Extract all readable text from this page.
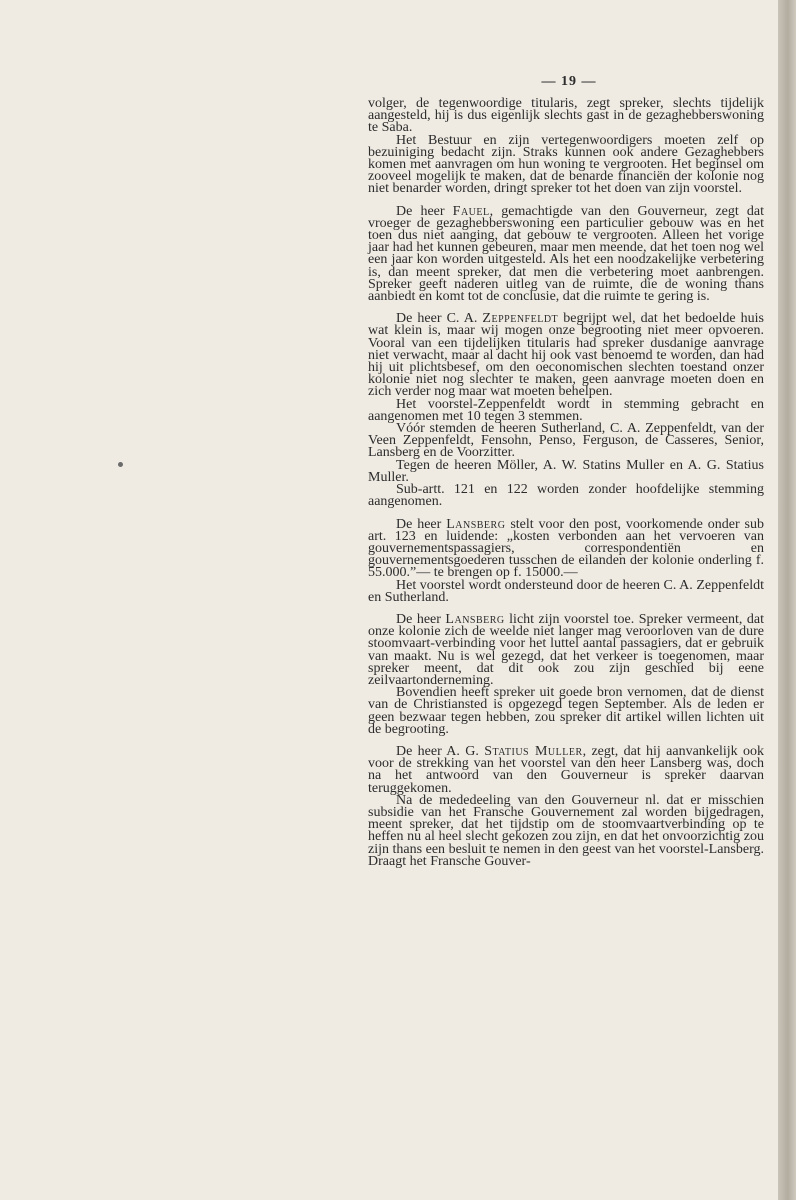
— 19 —

volger, de tegenwoordige titularis, zegt spreker, slechts tijdelijk aangesteld, hij is dus eigenlijk slechts gast in de gezaghebberswoning te Saba.

Het Bestuur en zijn vertegenwoordigers moeten zelf op bezuiniging bedacht zijn. Straks kunnen ook andere Gezaghebbers komen met aanvragen om hun woning te vergrooten. Het beginsel om zooveel mogelijk te maken, dat de benarde financiën der kolonie nog niet benarder worden, dringt spreker tot het doen van zijn voorstel.

De heer Fauel, gemachtigde van den Gouverneur, zegt dat vroeger de gezaghebberswoning een particulier gebouw was en het toen dus niet aanging, dat gebouw te vergrooten. Alleen het vorige jaar had het kunnen gebeuren, maar men meende, dat het toen nog wel een jaar kon worden uitgesteld. Als het een noodzakelijke verbetering is, dan meent spreker, dat men die verbetering moet aanbrengen. Spreker geeft naderen uitleg van de ruimte, die de woning thans aanbiedt en komt tot de conclusie, dat die ruimte te gering is.

De heer C. A. Zeppenfeldt begrijpt wel, dat het bedoelde huis wat klein is, maar wij mogen onze begrooting niet meer opvoeren. Vooral van een tijdelijken titularis had spreker dusdanige aanvrage niet verwacht, maar al dacht hij ook vast benoemd te worden, dan had hij uit plichtsbesef, om den oeconomischen slechten toestand onzer kolonie niet nog slechter te maken, geen aanvrage moeten doen en zich verder nog maar wat moeten behelpen.

Het voorstel-Zeppenfeldt wordt in stemming gebracht en aangenomen met 10 tegen 3 stemmen.

Vóór stemden de heeren Sutherland, C. A. Zeppenfeldt, van der Veen Zeppenfeldt, Fensohn, Penso, Ferguson, de Casseres, Senior, Lansberg en de Voorzitter.

Tegen de heeren Möller, A. W. Statins Muller en A. G. Statius Muller.

Sub-artt. 121 en 122 worden zonder hoofdelijke stemming aangenomen.

De heer Lansberg stelt voor den post, voorkomende onder sub art. 123 en luidende: „kosten verbonden aan het vervoeren van gouvernementspassagiers, correspondentiën en gouvernementsgoederen tusschen de eilanden der kolonie onderling f. 55.000.”— te brengen op f. 15000.—

Het voorstel wordt ondersteund door de heeren C. A. Zeppenfeldt en Sutherland.

De heer Lansberg licht zijn voorstel toe. Spreker vermeent, dat onze kolonie zich de weelde niet langer mag veroorloven van de dure stoomvaart-verbinding voor het luttel aantal passagiers, dat er gebruik van maakt. Nu is wel gezegd, dat het verkeer is toegenomen, maar spreker meent, dat dit ook zou zijn geschied bij eene zeilvaartonderneming.

Bovendien heeft spreker uit goede bron vernomen, dat de dienst van de Christiansted is opgezegd tegen September. Als de leden er geen bezwaar tegen hebben, zou spreker dit artikel willen lichten uit de begrooting.

De heer A. G. Statius Muller, zegt, dat hij aanvankelijk ook voor de strekking van het voorstel van den heer Lansberg was, doch na het antwoord van den Gouverneur is spreker daarvan teruggekomen.

Na de mededeeling van den Gouverneur nl. dat er misschien subsidie van het Fransche Gouvernement zal worden bijgedragen, meent spreker, dat het tijdstip om de stoomvaartverbinding op te heffen nu al heel slecht gekozen zou zijn, en dat het onvoorzichtig zou zijn thans een besluit te nemen in den geest van het voorstel-Lansberg. Draagt het Fransche Gouver-
